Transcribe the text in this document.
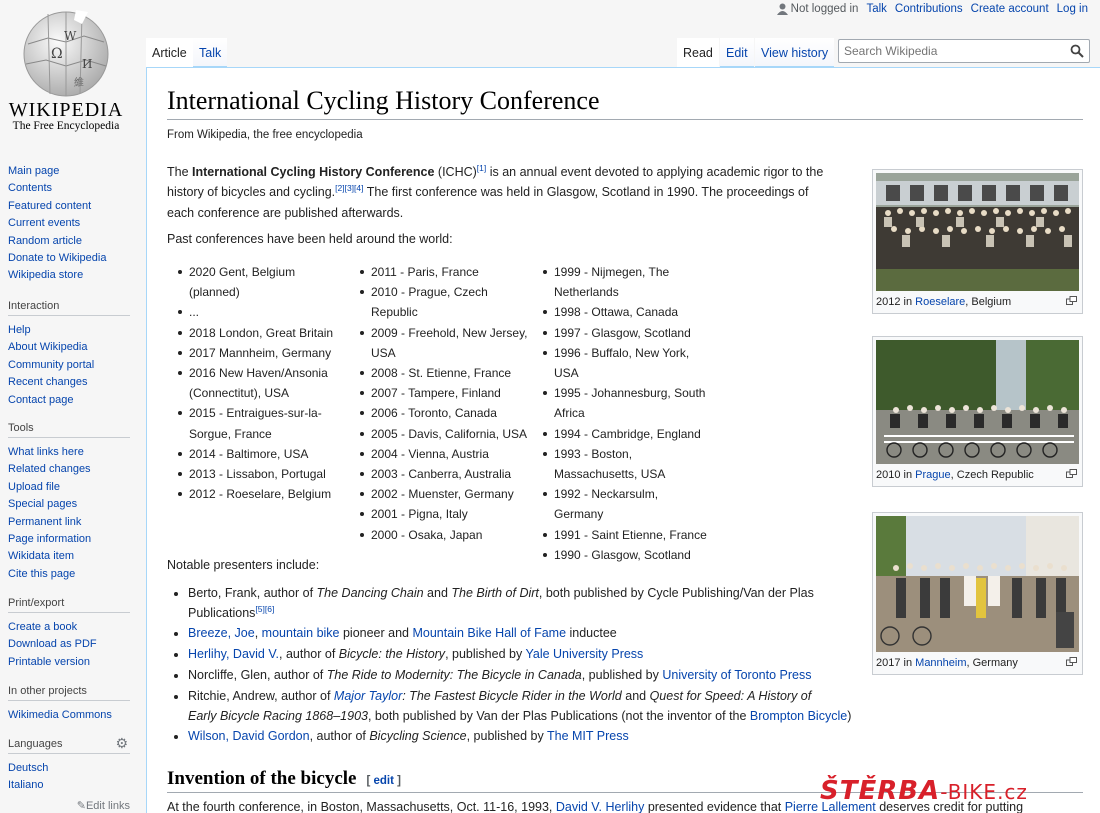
Ω
И
W
維
WIKIPEDIA
The Free Encyclopedia
Main page
Contents
Featured content
Current events
Random article
Donate to Wikipedia
Wikipedia store
Interaction
Help
About Wikipedia
Community portal
Recent changes
Contact page
Tools
What links here
Related changes
Upload file
Special pages
Permanent link
Page information
Wikidata item
Cite this page
Print/export
Create a book
Download as PDF
Printable version
In other projects
Wikimedia Commons
Languages	⚙
Deutsch
Italiano
✎Edit links
Not logged in Talk Contributions Create account Log in
Article Talk	Read	Edit	View history
Search Wikipedia
International Cycling History Conference
From Wikipedia, the free encyclopedia
The International Cycling History Conference (ICHC)[1] is an annual event devoted to applying academic rigor to the
history of bicycles and cycling.[2][3][4] The first conference was held in Glasgow, Scotland in 1990. The proceedings of
each conference are published afterwards.
Past conferences have been held around the world:
2020 Gent, Belgium (planned)
...
2018 London, Great Britain
2017 Mannheim, Germany
2016 New Haven/Ansonia (Connectitut), USA
2015 - Entraigues-sur-la-Sorgue, France
2014 - Baltimore, USA
2013 - Lissabon, Portugal
2012 - Roeselare, Belgium
2011 - Paris, France
2010 - Prague, Czech Republic
2009 - Freehold, New Jersey, USA
2008 - St. Etienne, France
2007 - Tampere, Finland
2006 - Toronto, Canada
2005 - Davis, California, USA
2004 - Vienna, Austria
2003 - Canberra, Australia
2002 - Muenster, Germany
2001 - Pigna, Italy
2000 - Osaka, Japan
1999 - Nijmegen, The Netherlands
1998 - Ottawa, Canada
1997 - Glasgow, Scotland
1996 - Buffalo, New York, USA
1995 - Johannesburg, South Africa
1994 - Cambridge, England
1993 - Boston, Massachusetts, USA
1992 - Neckarsulm, Germany
1991 - Saint Etienne, France
1990 - Glasgow, Scotland
Notable presenters include:
Berto, Frank, author of The Dancing Chain and The Birth of Dirt, both published by Cycle Publishing/Van der Plas
Publications[5][6]
Breeze, Joe, mountain bike pioneer and Mountain Bike Hall of Fame inductee
Herlihy, David V., author of Bicycle: the History, published by Yale University Press
Norcliffe, Glen, author of The Ride to Modernity: The Bicycle in Canada, published by University of Toronto Press
Ritchie, Andrew, author of Major Taylor: The Fastest Bicycle Rider in the World and Quest for Speed: A History of
Early Bicycle Racing 1868–1903, both published by Van der Plas Publications (not the inventor of the Brompton Bicycle)
Wilson, David Gordon, author of Bicycling Science, published by The MIT Press
2012 in Roeselare, Belgium
2010 in Prague, Czech Republic
2017 in Mannheim, Germany
Invention of the bicycle [ edit ]
At the fourth conference, in Boston, Massachusetts, Oct. 11-16, 1993, David V. Herlihy presented evidence that Pierre Lallement deserves credit for putting
ŠTĚRBA-BIKE.cz
